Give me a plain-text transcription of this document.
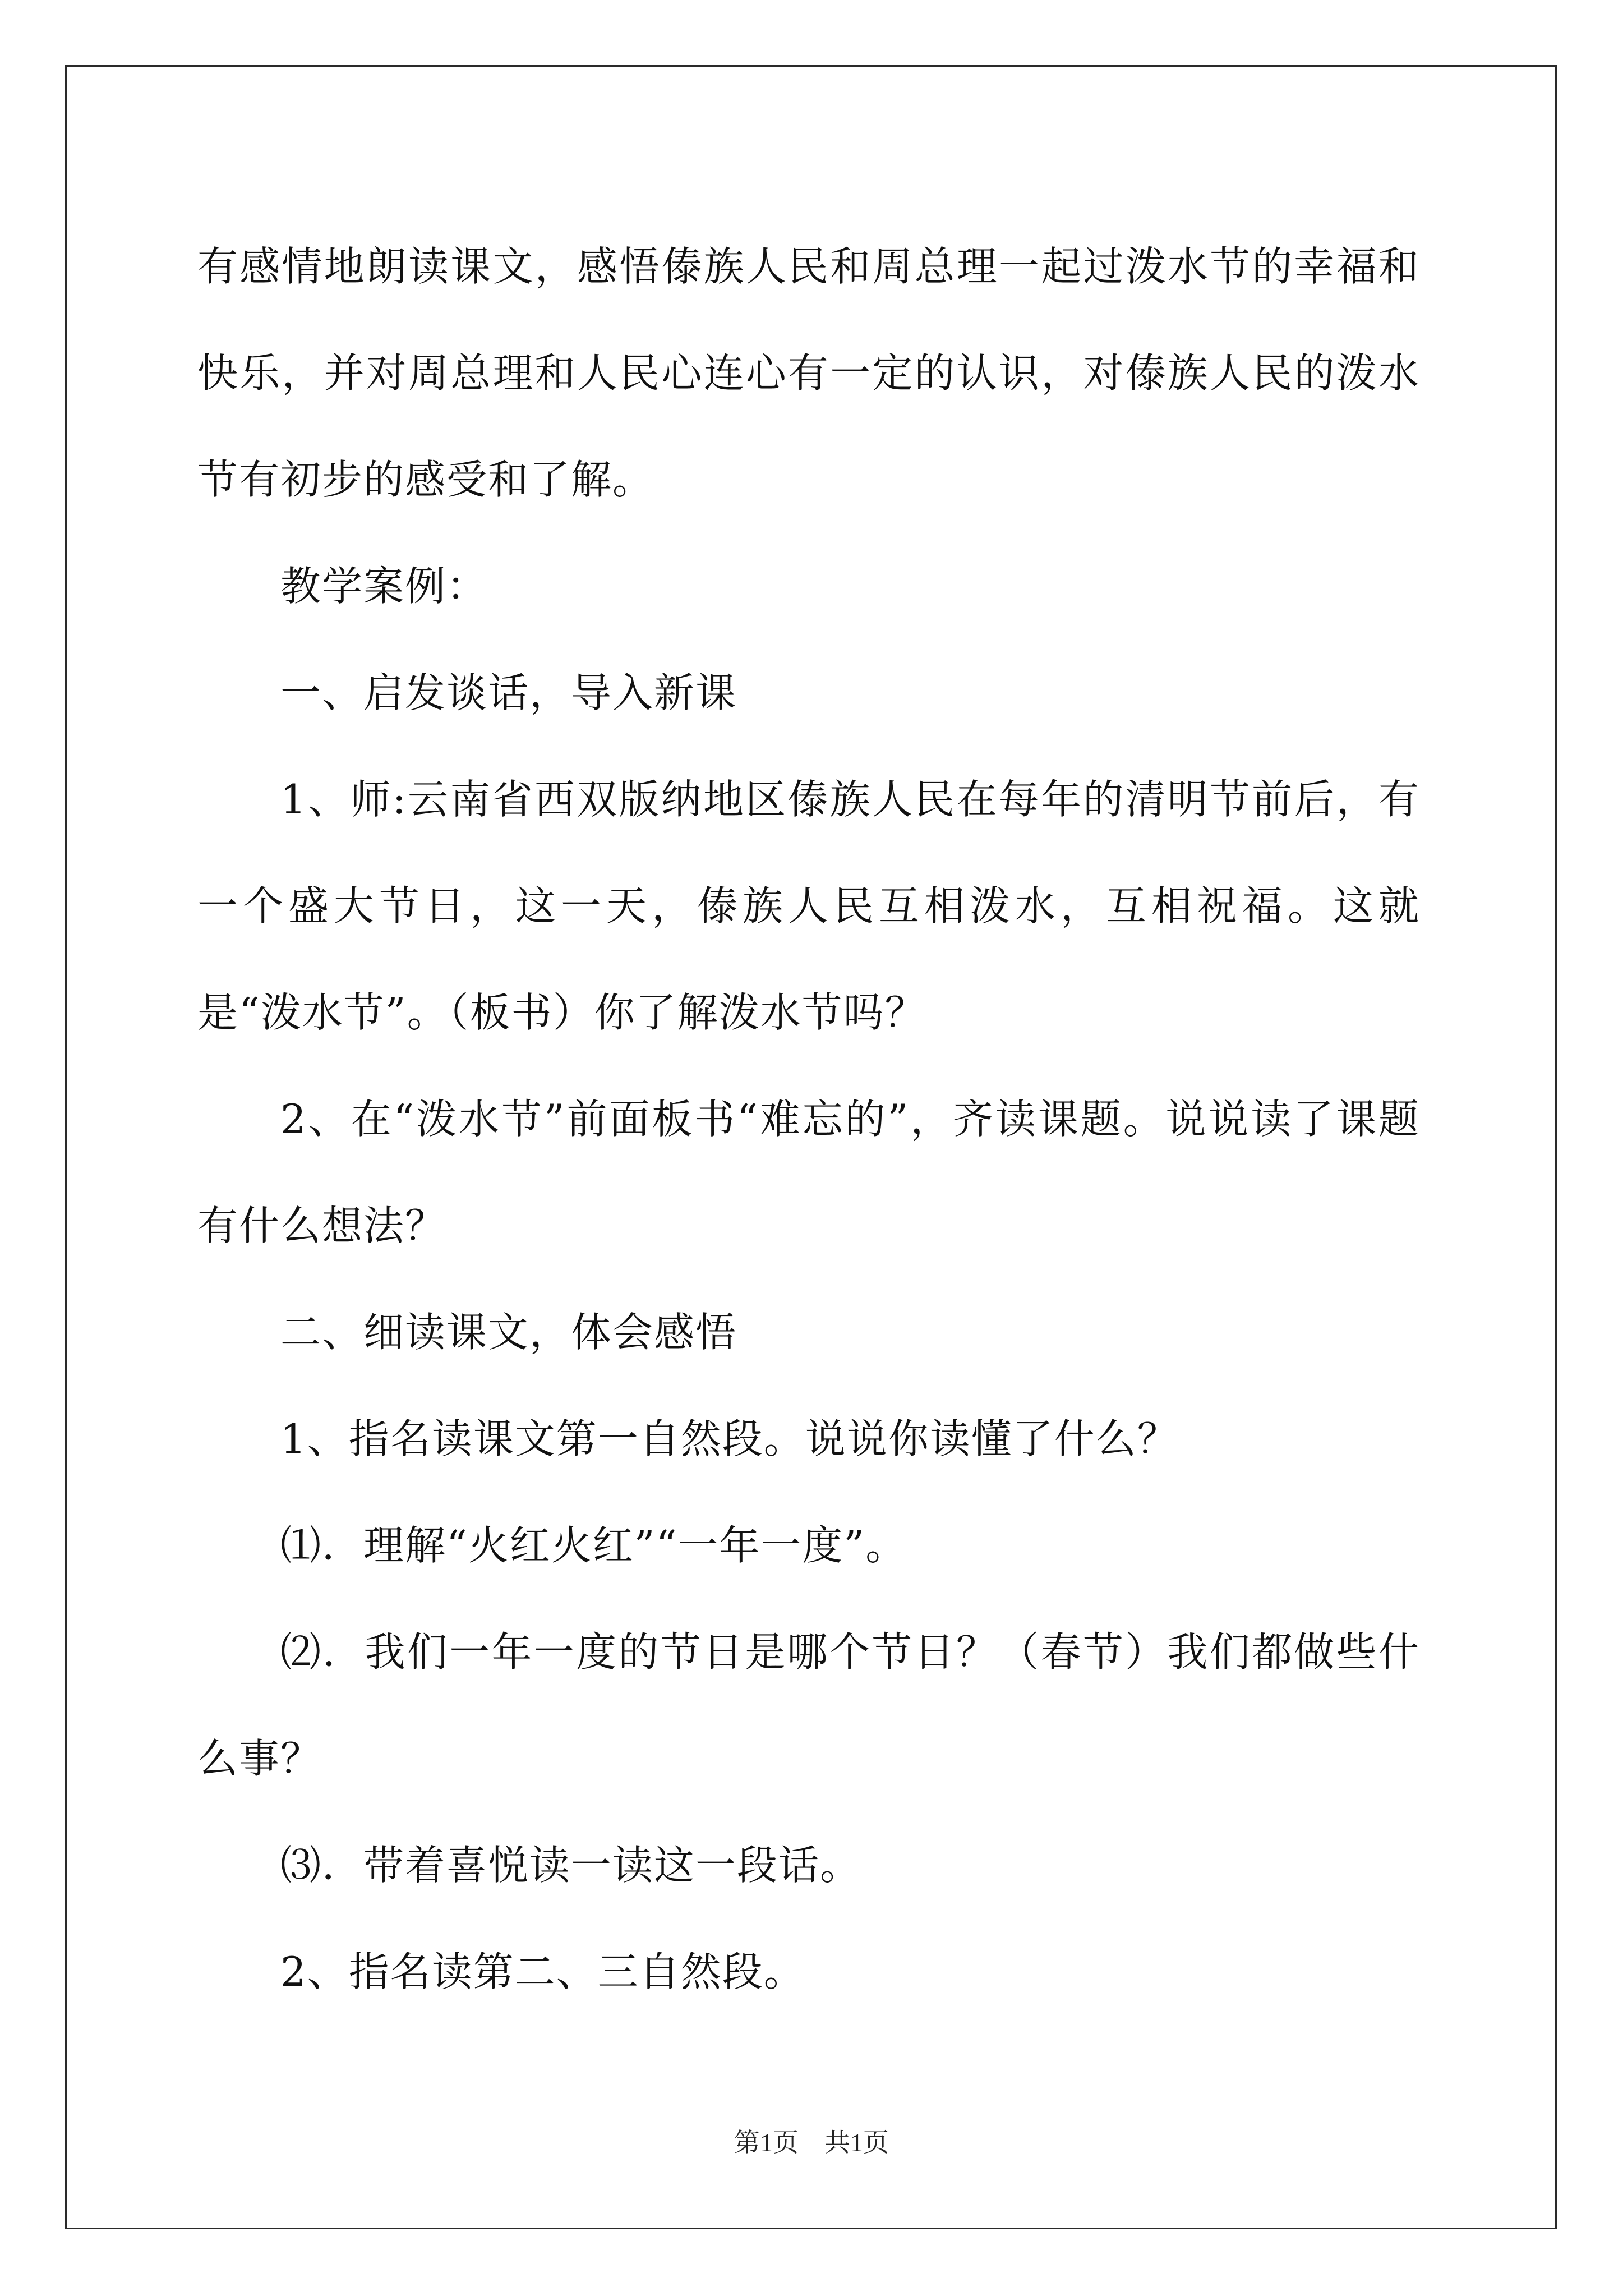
有感情地朗读课文，感悟傣族人民和周总理一起过泼水节的幸福和快乐，并对周总理和人民心连心有一定的认识，对傣族人民的泼水节有初步的感受和了解。

教学案例：

一、启发谈话，导入新课

1、师:云南省西双版纳地区傣族人民在每年的清明节前后，有一个盛大节日，这一天，傣族人民互相泼水，互相祝福。这就是“泼水节”。（板书）你了解泼水节吗？

2、在“泼水节”前面板书“难忘的”，齐读课题。说说读了课题有什么想法？

二、细读课文，体会感悟

1、指名读课文第一自然段。说说你读懂了什么？

⑴．理解“火红火红”“一年一度”。

⑵．我们一年一度的节日是哪个节日？（春节）我们都做些什么事？

⑶．带着喜悦读一读这一段话。

2、指名读第二、三自然段。

第1页　共1页
